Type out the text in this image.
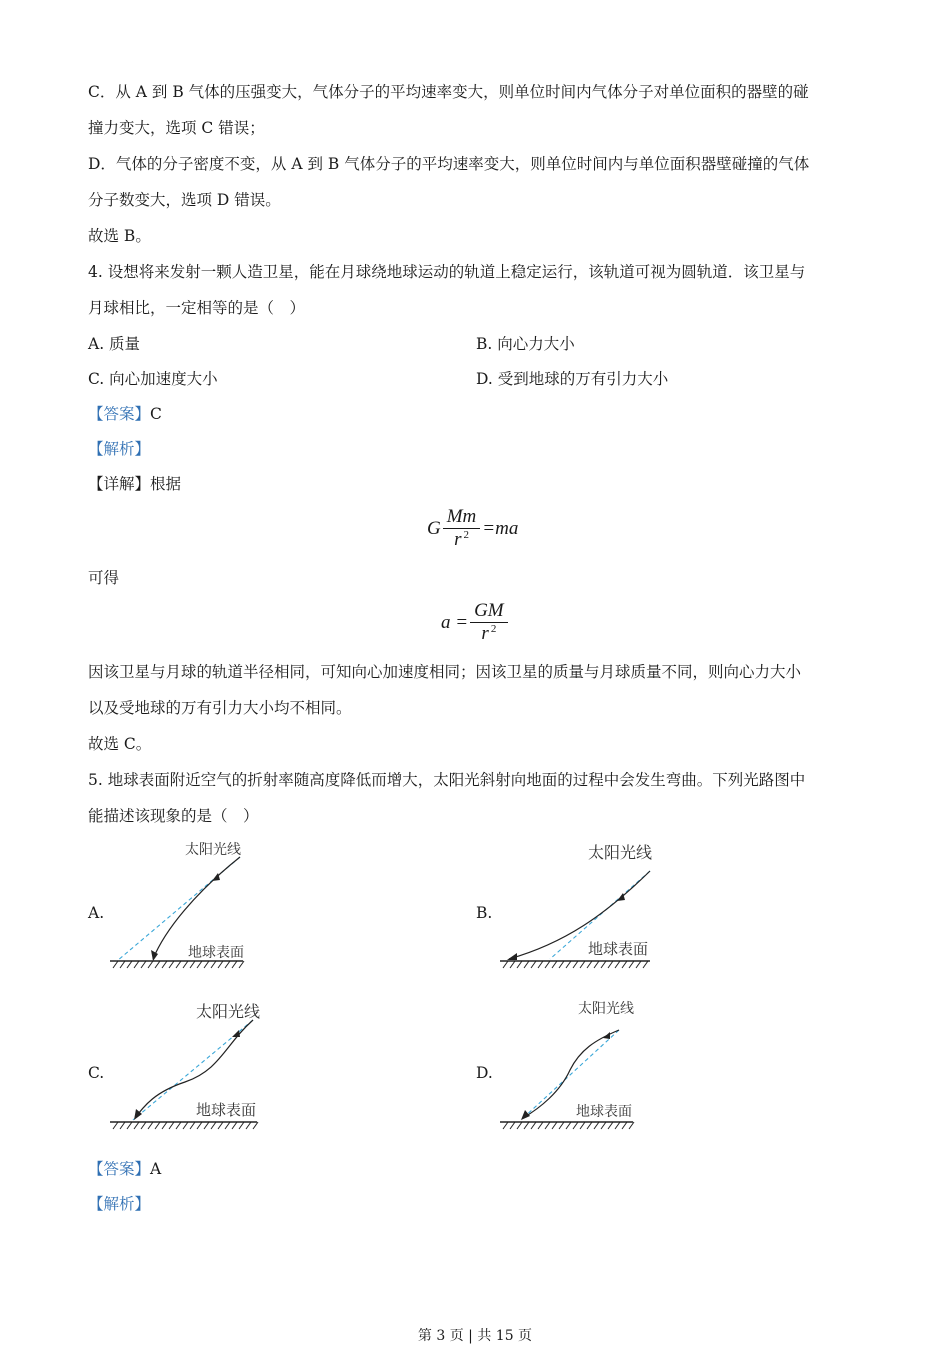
C．从 A 到 B 气体的压强变大，气体分子的平均速率变大，则单位时间内气体分子对单位面积的器壁的碰
撞力变大，选项 C 错误；
D．气体的分子密度不变，从 A 到 B 气体分子的平均速率变大，则单位时间内与单位面积器壁碰撞的气体
分子数变大，选项 D 错误。
故选 B。
4. 设想将来发射一颗人造卫星，能在月球绕地球运动的轨道上稳定运行，该轨道可视为圆轨道．该卫星与
月球相比，一定相等的是（　）
A. 质量	B. 向心力大小
C. 向心加速度大小	D. 受到地球的万有引力大小
【答案】C
【解析】
【详解】根据
G $\frac{Mm}{r ^2} =ma$
可得
$a = \frac{GM}{r ^2}$
因该卫星与月球的轨道半径相同，可知向心加速度相同；因该卫星的质量与月球质量不同，则向心力大小
以及受地球的万有引力大小均不相同。
故选 C。
5. 地球表面附近空气的折射率随高度降低而增大，太阳光斜射向地面的过程中会发生弯曲。下列光路图中
能描述该现象的是（　）
A.
太阳光线
地球表面
B.
太阳光线
地球表面
C.
太阳光线
地球表面
D.
太阳光线
地球表面
【答案】A
【解析】
第 3 页 | 共 15 页
